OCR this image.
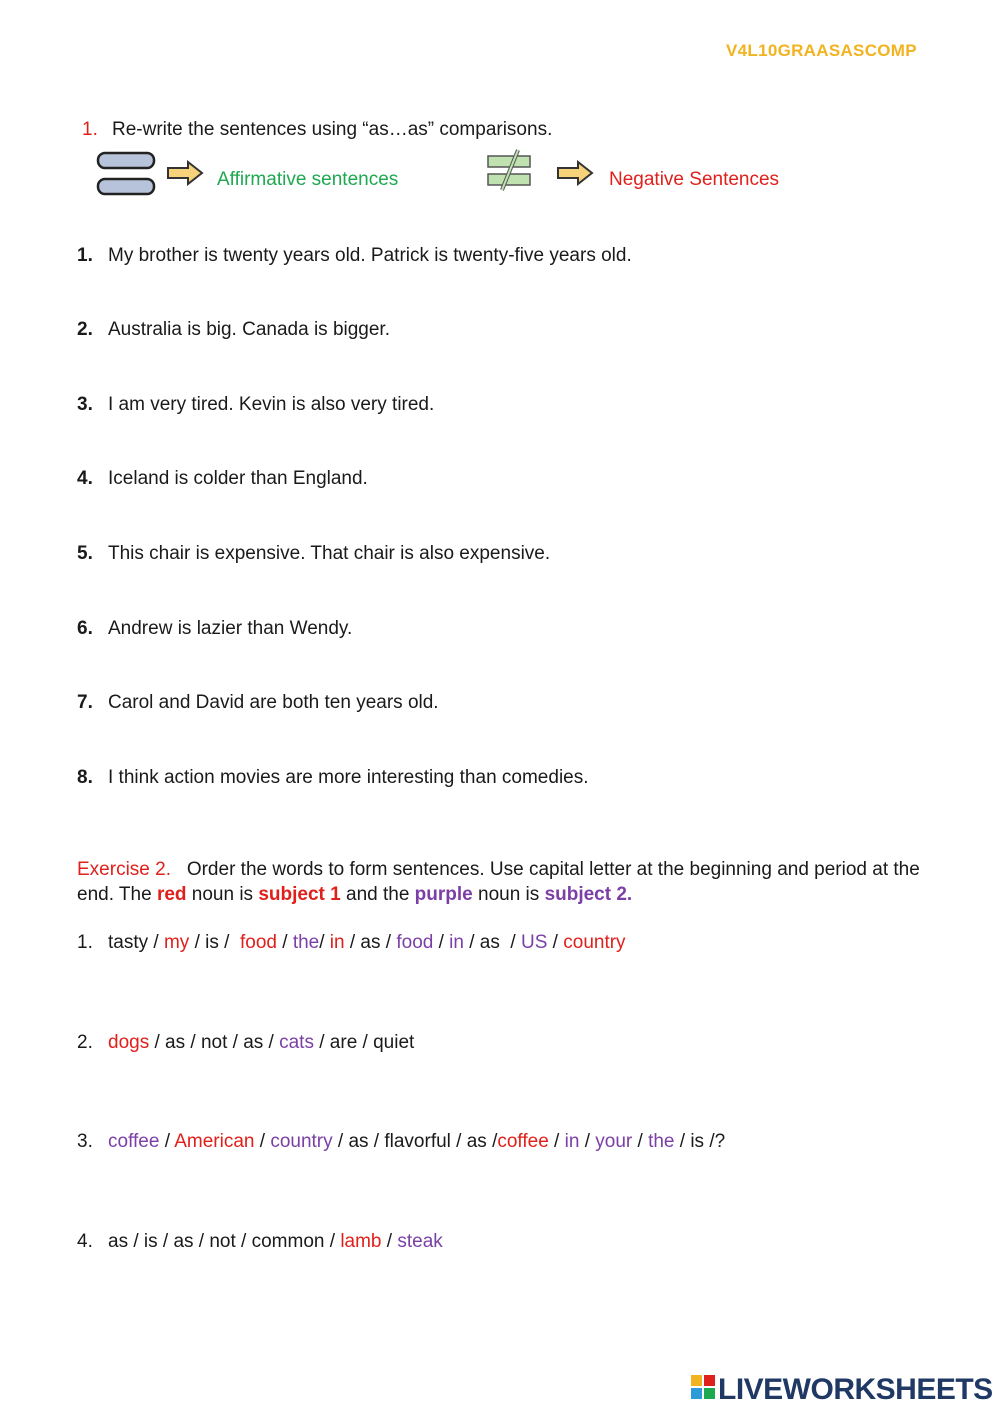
V4L10GRAASASCOMP
1. Re-write the sentences using “as…as” comparisons.
Affirmative sentences	Negative Sentences
1. My brother is twenty years old. Patrick is twenty-five years old.
2. Australia is big. Canada is bigger.
3. I am very tired. Kevin is also very tired.
4. Iceland is colder than England.
5. This chair is expensive. That chair is also expensive.
6. Andrew is lazier than Wendy.
7. Carol and David are both ten years old.
8. I think action movies are more interesting than comedies.
Exercise 2. Order the words to form sentences. Use capital letter at the beginning and period at the end. The red noun is subject 1 and the purple noun is subject 2.
1. tasty / my / is /  food / the/ in / as / food / in / as  / US / country
2. dogs / as / not / as / cats / are / quiet
3. coffee / American / country / as / flavorful / as /coffee / in / your / the / is /?
4. as / is / as / not / common / lamb / steak
LIVEWORKSHEETS
